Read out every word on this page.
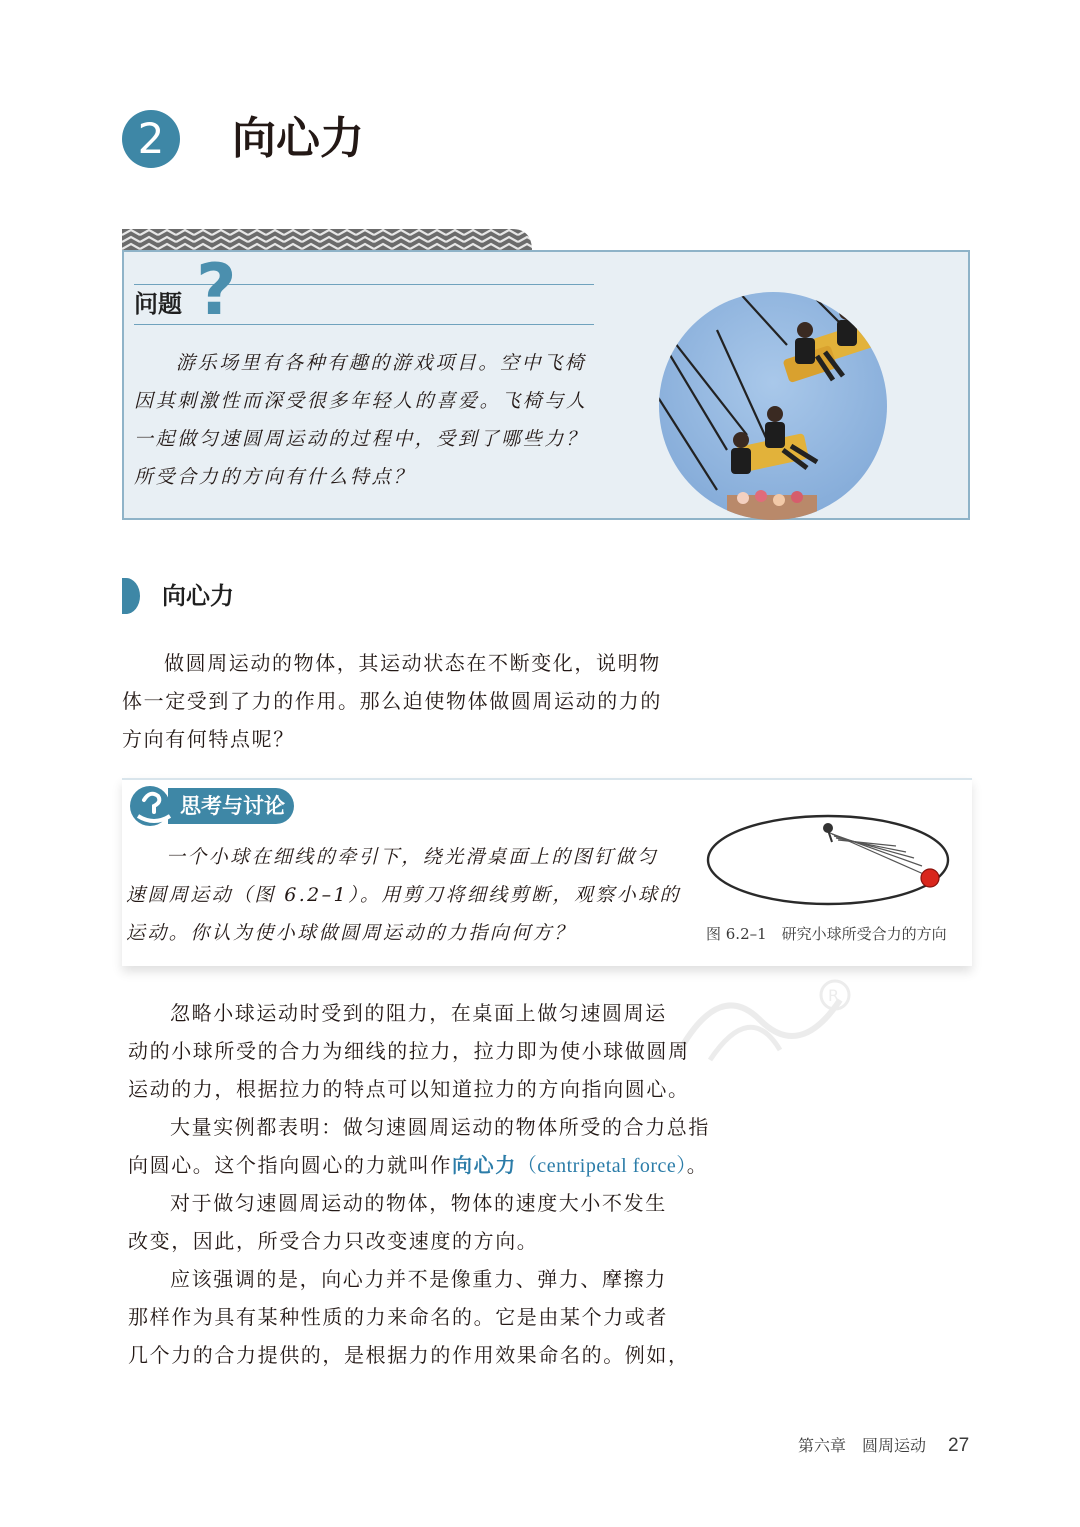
2	向心力
?
问题
游乐场里有各种有趣的游戏项目。空中飞椅
因其刺激性而深受很多年轻人的喜爱。飞椅与人
一起做匀速圆周运动的过程中，受到了哪些力？
所受合力的方向有什么特点？
向心力
做圆周运动的物体，其运动状态在不断变化，说明物
体一定受到了力的作用。那么迫使物体做圆周运动的力的
方向有何特点呢？
思考与讨论
一个小球在细线的牵引下，绕光滑桌面上的图钉做匀
速圆周运动（图 6.2–1）。用剪刀将细线剪断，观察小球的
运动。你认为使小球做圆周运动的力指向何方？	图 6.2–1　研究小球所受合力的方向
R
忽略小球运动时受到的阻力，在桌面上做匀速圆周运
动的小球所受的合力为细线的拉力，拉力即为使小球做圆周
运动的力，根据拉力的特点可以知道拉力的方向指向圆心。
大量实例都表明：做匀速圆周运动的物体所受的合力总指
向圆心。这个指向圆心的力就叫作向心力（centripetal force）。
对于做匀速圆周运动的物体，物体的速度大小不发生
改变，因此，所受合力只改变速度的方向。
应该强调的是，向心力并不是像重力、弹力、摩擦力
那样作为具有某种性质的力来命名的。它是由某个力或者
几个力的合力提供的，是根据力的作用效果命名的。例如，
第六章　圆周运动 27
